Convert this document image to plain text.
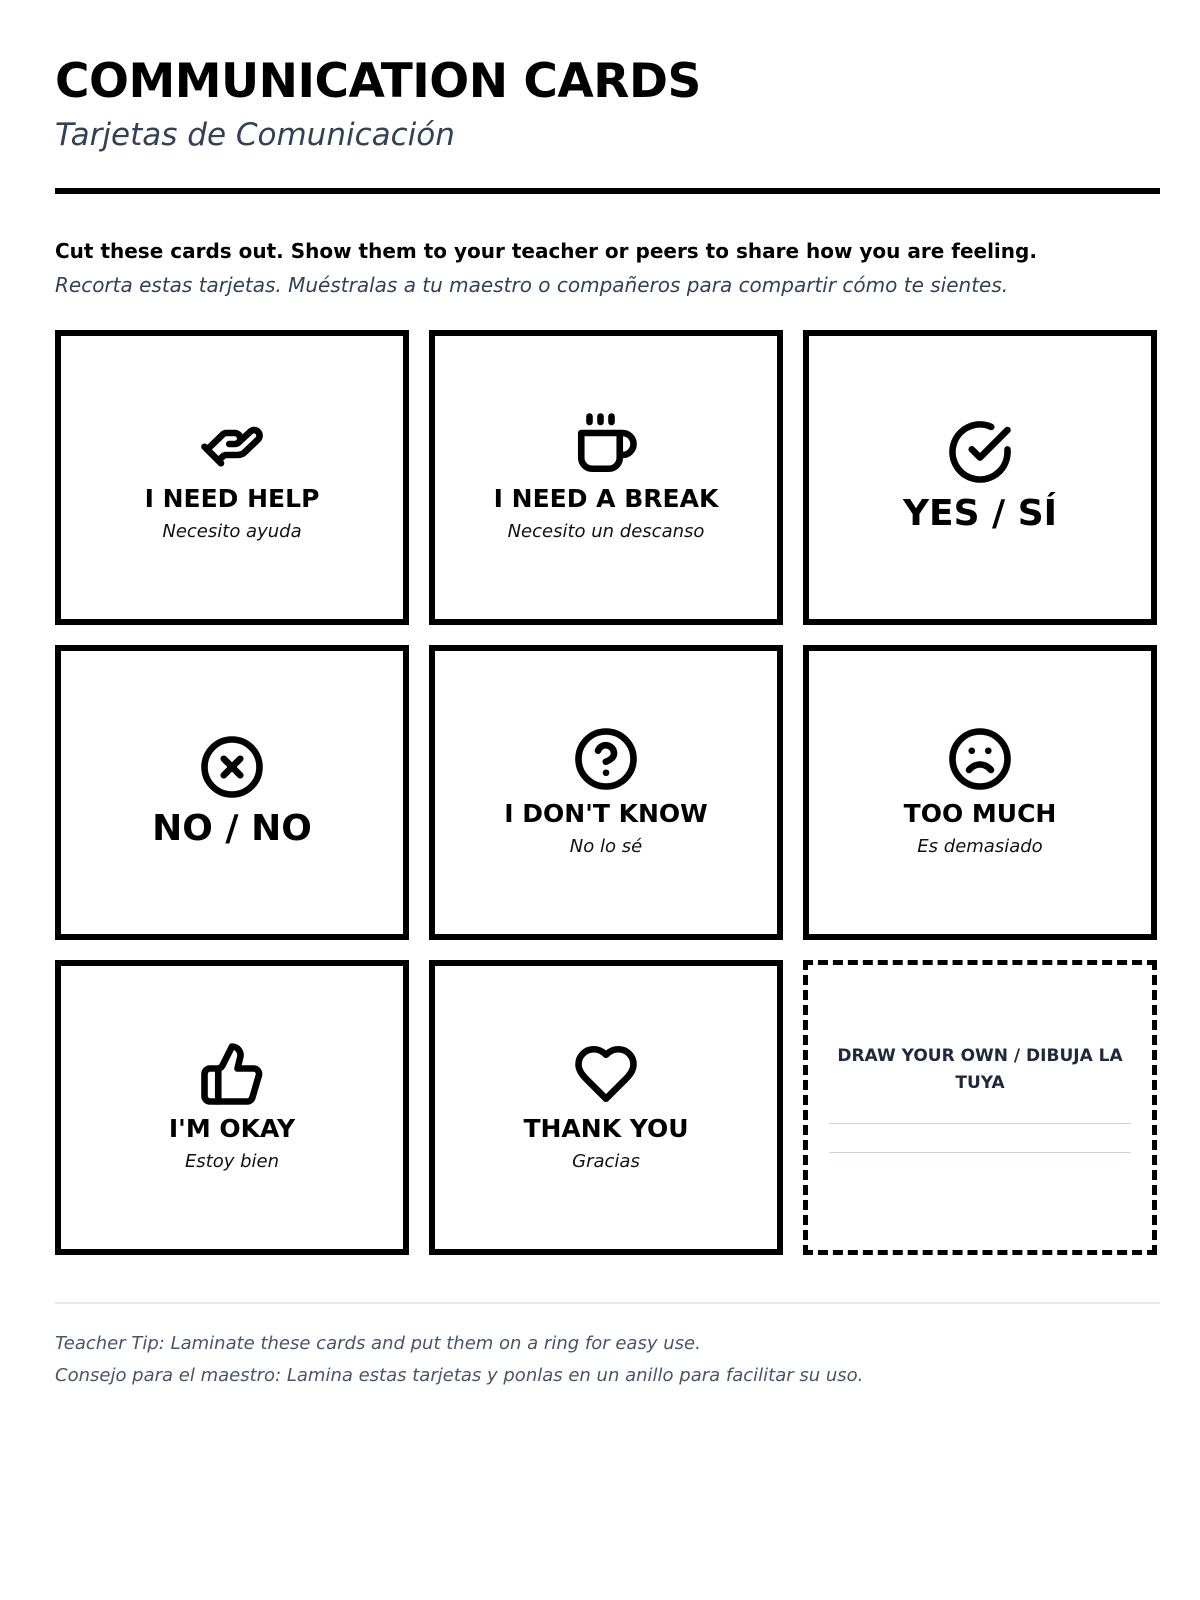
COMMUNICATION CARDS
Tarjetas de Comunicación
Cut these cards out. Show them to your teacher or peers to share how you are feeling.
Recorta estas tarjetas. Muéstralas a tu maestro o compañeros para compartir cómo te sientes.
I NEED HELP
Necesito ayuda
I NEED A BREAK
Necesito un descanso	YES / SÍ
NO / NO	I DON'T KNOW
No lo sé
TOO MUCH
Es demasiado
I'M OKAY
Estoy bien
THANK YOU
Gracias
DRAW YOUR OWN / DIBUJA LA TUYA
Teacher Tip: Laminate these cards and put them on a ring for easy use.
Consejo para el maestro: Lamina estas tarjetas y ponlas en un anillo para facilitar su uso.
